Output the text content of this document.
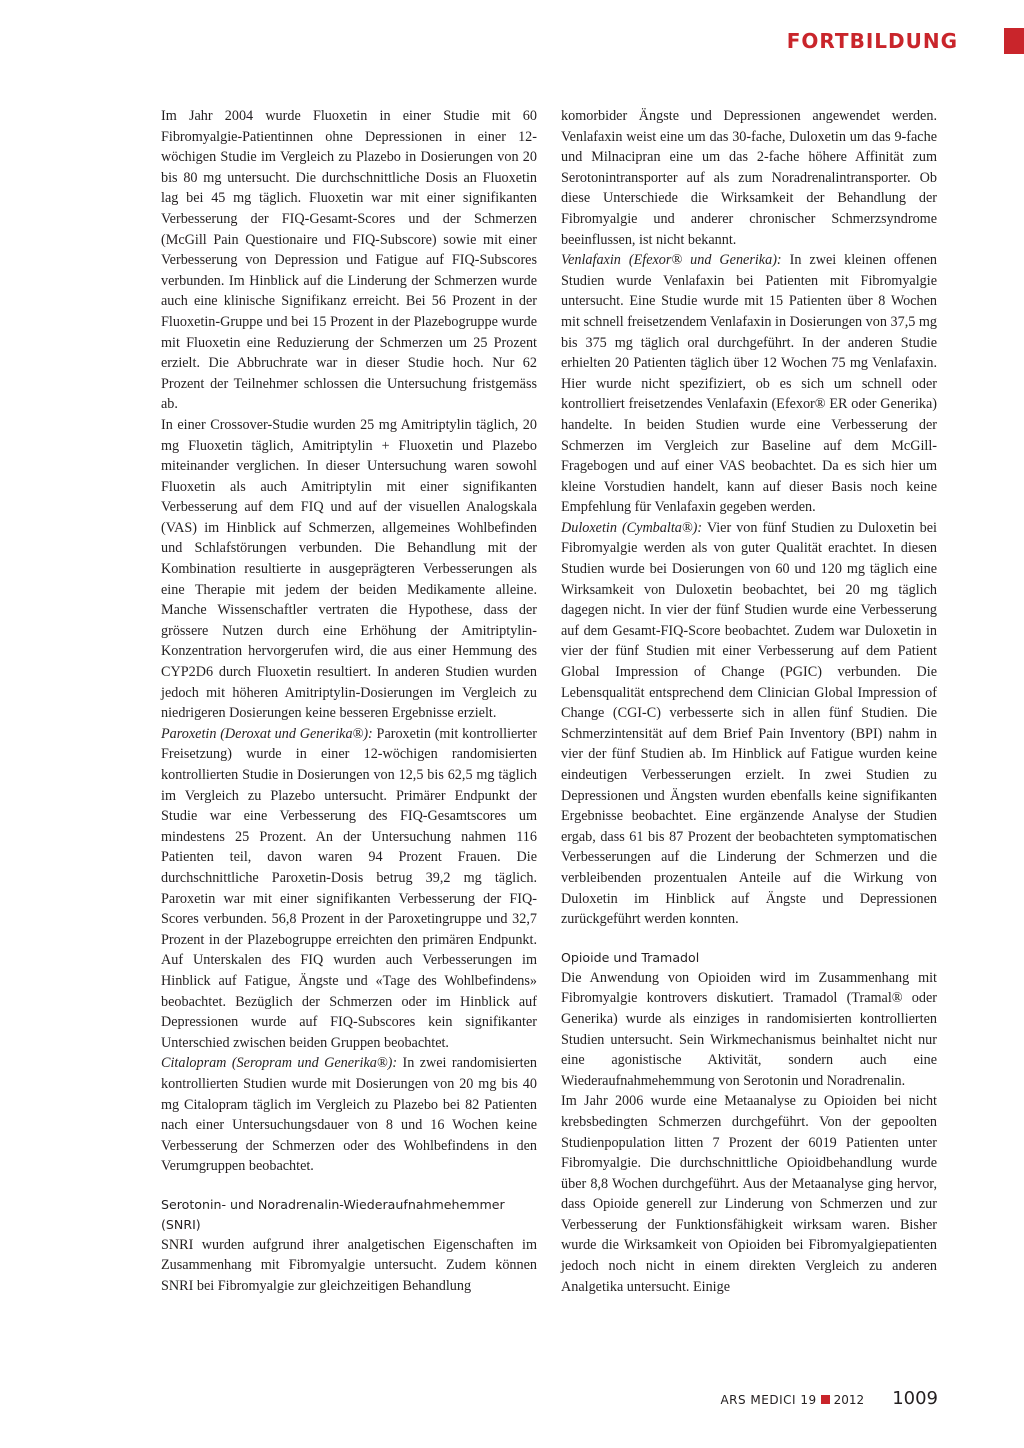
FORTBILDUNG

Im Jahr 2004 wurde Fluoxetin in einer Studie mit 60 Fibromyalgie-Patientinnen ohne Depressionen in einer 12-wöchigen Studie im Vergleich zu Plazebo in Dosierungen von 20 bis 80 mg untersucht. Die durchschnittliche Dosis an Fluoxetin lag bei 45 mg täglich. Fluoxetin war mit einer signifikanten Verbesserung der FIQ-Gesamt-Scores und der Schmerzen (McGill Pain Questionaire und FIQ-Subscore) sowie mit einer Verbesserung von Depression und Fatigue auf FIQ-Subscores verbunden. Im Hinblick auf die Linderung der Schmerzen wurde auch eine klinische Signifikanz erreicht. Bei 56 Prozent in der Fluoxetin-Gruppe und bei 15 Prozent in der Plazebogruppe wurde mit Fluoxetin eine Reduzierung der Schmerzen um 25 Prozent erzielt. Die Abbruchrate war in dieser Studie hoch. Nur 62 Prozent der Teilnehmer schlossen die Untersuchung fristgemäss ab.

In einer Crossover-Studie wurden 25 mg Amitriptylin täglich, 20 mg Fluoxetin täglich, Amitriptylin + Fluoxetin und Plazebo miteinander verglichen. In dieser Untersuchung waren sowohl Fluoxetin als auch Amitriptylin mit einer signifikanten Verbesserung auf dem FIQ und auf der visuellen Analogskala (VAS) im Hinblick auf Schmerzen, allgemeines Wohlbefinden und Schlafstörungen verbunden. Die Behandlung mit der Kombination resultierte in ausgeprägteren Verbesserungen als eine Therapie mit jedem der beiden Medikamente alleine. Manche Wissenschaftler vertraten die Hypothese, dass der grössere Nutzen durch eine Erhöhung der Amitriptylin-Konzentration hervorgerufen wird, die aus einer Hemmung des CYP2D6 durch Fluoxetin resultiert. In anderen Studien wurden jedoch mit höheren Amitriptylin-Dosierungen im Vergleich zu niedrigeren Dosierungen keine besseren Ergebnisse erzielt.

Paroxetin (Deroxat und Generika®): Paroxetin (mit kontrollierter Freisetzung) wurde in einer 12-wöchigen randomisierten kontrollierten Studie in Dosierungen von 12,5 bis 62,5 mg täglich im Vergleich zu Plazebo untersucht. Primärer Endpunkt der Studie war eine Verbesserung des FIQ-Gesamtscores um mindestens 25 Prozent. An der Untersuchung nahmen 116 Patienten teil, davon waren 94 Prozent Frauen. Die durchschnittliche Paroxetin-Dosis betrug 39,2 mg täglich. Paroxetin war mit einer signifikanten Verbesserung der FIQ-Scores verbunden. 56,8 Prozent in der Paroxetingruppe und 32,7 Prozent in der Plazebogruppe erreichten den primären Endpunkt. Auf Unterskalen des FIQ wurden auch Verbesserungen im Hinblick auf Fatigue, Ängste und «Tage des Wohlbefindens» beobachtet. Bezüglich der Schmerzen oder im Hinblick auf Depressionen wurde auf FIQ-Subscores kein signifikanter Unterschied zwischen beiden Gruppen beobachtet.

Citalopram (Seropram und Generika®): In zwei randomisierten kontrollierten Studien wurde mit Dosierungen von 20 mg bis 40 mg Citalopram täglich im Vergleich zu Plazebo bei 82 Patienten nach einer Untersuchungsdauer von 8 und 16 Wochen keine Verbesserung der Schmerzen oder des Wohlbefindens in den Verumgruppen beobachtet.

Serotonin- und Noradrenalin-Wiederaufnahmehemmer (SNRI)

SNRI wurden aufgrund ihrer analgetischen Eigenschaften im Zusammenhang mit Fibromyalgie untersucht. Zudem können SNRI bei Fibromyalgie zur gleichzeitigen Behandlung

komorbider Ängste und Depressionen angewendet werden. Venlafaxin weist eine um das 30-fache, Duloxetin um das 9-fache und Milnacipran eine um das 2-fache höhere Affinität zum Serotonintransporter auf als zum Noradrenalintransporter. Ob diese Unterschiede die Wirksamkeit der Behandlung der Fibromyalgie und anderer chronischer Schmerzsyndrome beeinflussen, ist nicht bekannt.

Venlafaxin (Efexor® und Generika): In zwei kleinen offenen Studien wurde Venlafaxin bei Patienten mit Fibromyalgie untersucht. Eine Studie wurde mit 15 Patienten über 8 Wochen mit schnell freisetzendem Venlafaxin in Dosierungen von 37,5 mg bis 375 mg täglich oral durchgeführt. In der anderen Studie erhielten 20 Patienten täglich über 12 Wochen 75 mg Venlafaxin. Hier wurde nicht spezifiziert, ob es sich um schnell oder kontrolliert freisetzendes Venlafaxin (Efexor® ER oder Generika) handelte. In beiden Studien wurde eine Verbesserung der Schmerzen im Vergleich zur Baseline auf dem McGill-Fragebogen und auf einer VAS beobachtet. Da es sich hier um kleine Vorstudien handelt, kann auf dieser Basis noch keine Empfehlung für Venlafaxin gegeben werden.

Duloxetin (Cymbalta®): Vier von fünf Studien zu Duloxetin bei Fibromyalgie werden als von guter Qualität erachtet. In diesen Studien wurde bei Dosierungen von 60 und 120 mg täglich eine Wirksamkeit von Duloxetin beobachtet, bei 20 mg täglich dagegen nicht. In vier der fünf Studien wurde eine Verbesserung auf dem Gesamt-FIQ-Score beobachtet. Zudem war Duloxetin in vier der fünf Studien mit einer Verbesserung auf dem Patient Global Impression of Change (PGIC) verbunden. Die Lebensqualität entsprechend dem Clinician Global Impression of Change (CGI-C) verbesserte sich in allen fünf Studien. Die Schmerzintensität auf dem Brief Pain Inventory (BPI) nahm in vier der fünf Studien ab. Im Hinblick auf Fatigue wurden keine eindeutigen Verbesserungen erzielt. In zwei Studien zu Depressionen und Ängsten wurden ebenfalls keine signifikanten Ergebnisse beobachtet. Eine ergänzende Analyse der Studien ergab, dass 61 bis 87 Prozent der beobachteten symptomatischen Verbesserungen auf die Linderung der Schmerzen und die verbleibenden prozentualen Anteile auf die Wirkung von Duloxetin im Hinblick auf Ängste und Depressionen zurückgeführt werden konnten.

Opioide und Tramadol

Die Anwendung von Opioiden wird im Zusammenhang mit Fibromyalgie kontrovers diskutiert. Tramadol (Tramal® oder Generika) wurde als einziges in randomisierten kontrollierten Studien untersucht. Sein Wirkmechanismus beinhaltet nicht nur eine agonistische Aktivität, sondern auch eine Wiederaufnahmehemmung von Serotonin und Noradrenalin.

Im Jahr 2006 wurde eine Metaanalyse zu Opioiden bei nicht krebsbedingten Schmerzen durchgeführt. Von der gepoolten Studienpopulation litten 7 Prozent der 6019 Patienten unter Fibromyalgie. Die durchschnittliche Opioidbehandlung wurde über 8,8 Wochen durchgeführt. Aus der Metaanalyse ging hervor, dass Opioide generell zur Linderung von Schmerzen und zur Verbesserung der Funktionsfähigkeit wirksam waren. Bisher wurde die Wirksamkeit von Opioiden bei Fibromyalgiepatienten jedoch noch nicht in einem direkten Vergleich zu anderen Analgetika untersucht. Einige

ARS MEDICI 19 2012 1009
